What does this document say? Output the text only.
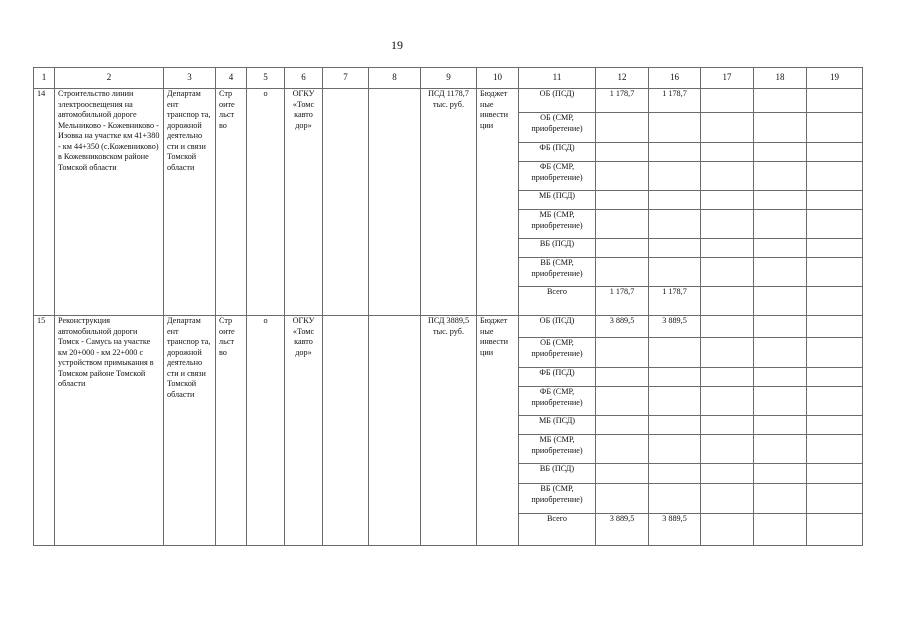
19
1	2	3	4	5	6	7	8	9	10	11	12	16	17	18	19
14	Строительство линии электроосвещения на автомобильной дороге Мельниково - Кожевниково - Изовка на участке км 41+380 - км 44+350 (с.Кожевниково) в Кожевниковском районе Томской области	Департам ент транспор та, дорожной деятельно сти и связи Томской области	Стр оите льст во	о	ОГКУ «Томс кавто дор»			ПСД 1178,7 тыс. руб.	Бюджет ные инвести ции	ОБ (ПСД)	1 178,7	1 178,7			
										ОБ (СМР, приобретение)					
										ФБ (ПСД)					
										ФБ (СМР, приобретение)					
										МБ (ПСД)					
										МБ (СМР, приобретение)					
										ВБ (ПСД)					
										ВБ (СМР, приобретение)					
										Всего	1 178,7	1 178,7			
15	Реконструкция автомобильной дороги Томск - Самусь на участке км 20+000 - км 22+000 с устройством примыкания в Томском районе Томской области	Департам ент транспор та, дорожной деятельно сти и связи Томской области	Стр оите льст во	о	ОГКУ «Томс кавто дор»			ПСД 3889,5 тыс. руб.	Бюджет ные инвести ции	ОБ (ПСД)	3 889,5	3 889,5			
										ОБ (СМР, приобретение)					
										ФБ (ПСД)					
										ФБ (СМР, приобретение)					
										МБ (ПСД)					
										МБ (СМР, приобретение)					
										ВБ (ПСД)					
										ВБ (СМР, приобретение)					
										Всего	3 889,5	3 889,5			
